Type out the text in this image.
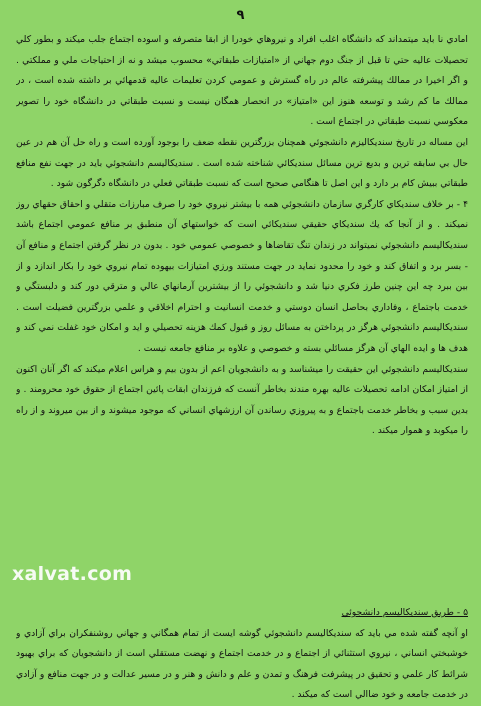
۹

امادي نا بايد ميتمداند كه دانشگاه اغلب افراد و نيروهاي خودرا از ابقا متصرفه و اسوده اجتماع جلب ميكند و بطور كلي تحصيلات عاليه حتي تا قبل از جنگ دوم جهاني از «امتيازات طبقاتي» محسوب ميشد و نه از احتياجات ملي و مملكتي . و اگر اخيرا در ممالك پيشرفته عالم در راه گسترش و عمومي كردن تعليمات عاليه قدمهائي بر داشته شده است ، در ممالك ما كم رشد و توسعه هنوز اين «امتياز» در انحصار همگان نيست و نسبت طبقاتي در دانشگاه خود را تصوير معكوسي نسبت طبقاتي در اجتماع است .

اين مساله در تاريخ سنديكاليزم دانشجوئي همچنان بزرگترين نقطه ضعف را بوجود آورده است و راه حل آن هم در عين حال بي سابقه ترين و بديع ترين مسائل سنديكائي شناخته شده است . سنديكاليسم دانشجوئي بايد در جهت نفع منافع طبقاتي ببيش كام بر دارد و اين اصل تا هنگامي صحيح است كه نسبت طبقاتي فعلي در دانشگاه دگرگون شود .

۴ - بر خلاف سنديكاي كارگري سازمان دانشجوئي همه با بيشتر نيروي خود را صرف مبارزات متقلي و احقاق حقهاي روز نميكند . و از آنجا كه يك سنديكاي حقيقي سنديكائي است كه خواستهاي آن منطبق بر منافع عمومي اجتماع باشد سنديكاليسم دانشجوئي نميتواند در زندان تنگ تقاضاها و خصوصي عمومي خود . بدون در نظر گرفتن اجتماع و منافع آن - بسر برد و اتفاق كند و خود را محدود نمايد در جهت مستند ورزي امتيازات بيهوده تمام نيروي خود را بكار اندازد و از بين ببرد چه اين چنين طرز فكري دنيا شد و دانشجوئي را از بيشترين آرمانهاي عالي و مترقي دور كند و دلبستگي و خدمت باجتماع ، وفاداري بحاصل انسان دوستي و خدمت انسانيت و احترام اخلاقي و علمي بزرگترين فضيلت است . سنديكاليسم دانشجوئي هرگز در پرداختن به مسائل روز و قبول كمك هزينه تحصيلي و ايد و امكان خود غفلت نمي كند و هدف ها و ايده الهاي آن هرگز مسائلي بسته و خصوصي و علاوه بر منافع جامعه نيست .

سنديكاليسم دانشجوئي اين حقيقت را ميشناسد و به دانشجويان اعم از بدون بيم و هراس اعلام ميكند كه اگر آنان اكنون از امتياز امكان ادامه تحصيلات عاليه بهره مندند بخاطر آنست كه فرزندان ابقات پائين اجتماع از حقوق خود محرومند . و بدين سبب و بخاطر خدمت باجتماع و به پيروزي رساندن آن ارزشهاي انساني كه موجود ميشوند و از بين ميروند و از راه را ميكوبد و هموار ميكند .

xalvat.com

۵ - طريق سنديكاليسم دانشجوئي

او آنچه گفته شده مي بايد كه سنديكاليسم دانشجوئي گوشه ايست از تمام همگاني و جهاني روشنفكران براي آزادي و خوشبختي انساني ، نيروي استثنائي از اجتماع و در خدمت اجتماع و نهضت مستقلي است از دانشجويان كه براي بهبود شرائط كار علمي و تحقيق در پيشرفت فرهنگ و تمدن و علم و دانش و هنر و در مسير عدالت و در جهت منافع و آزادي در خدمت جامعه و خود ضاالي است كه ميكند .
